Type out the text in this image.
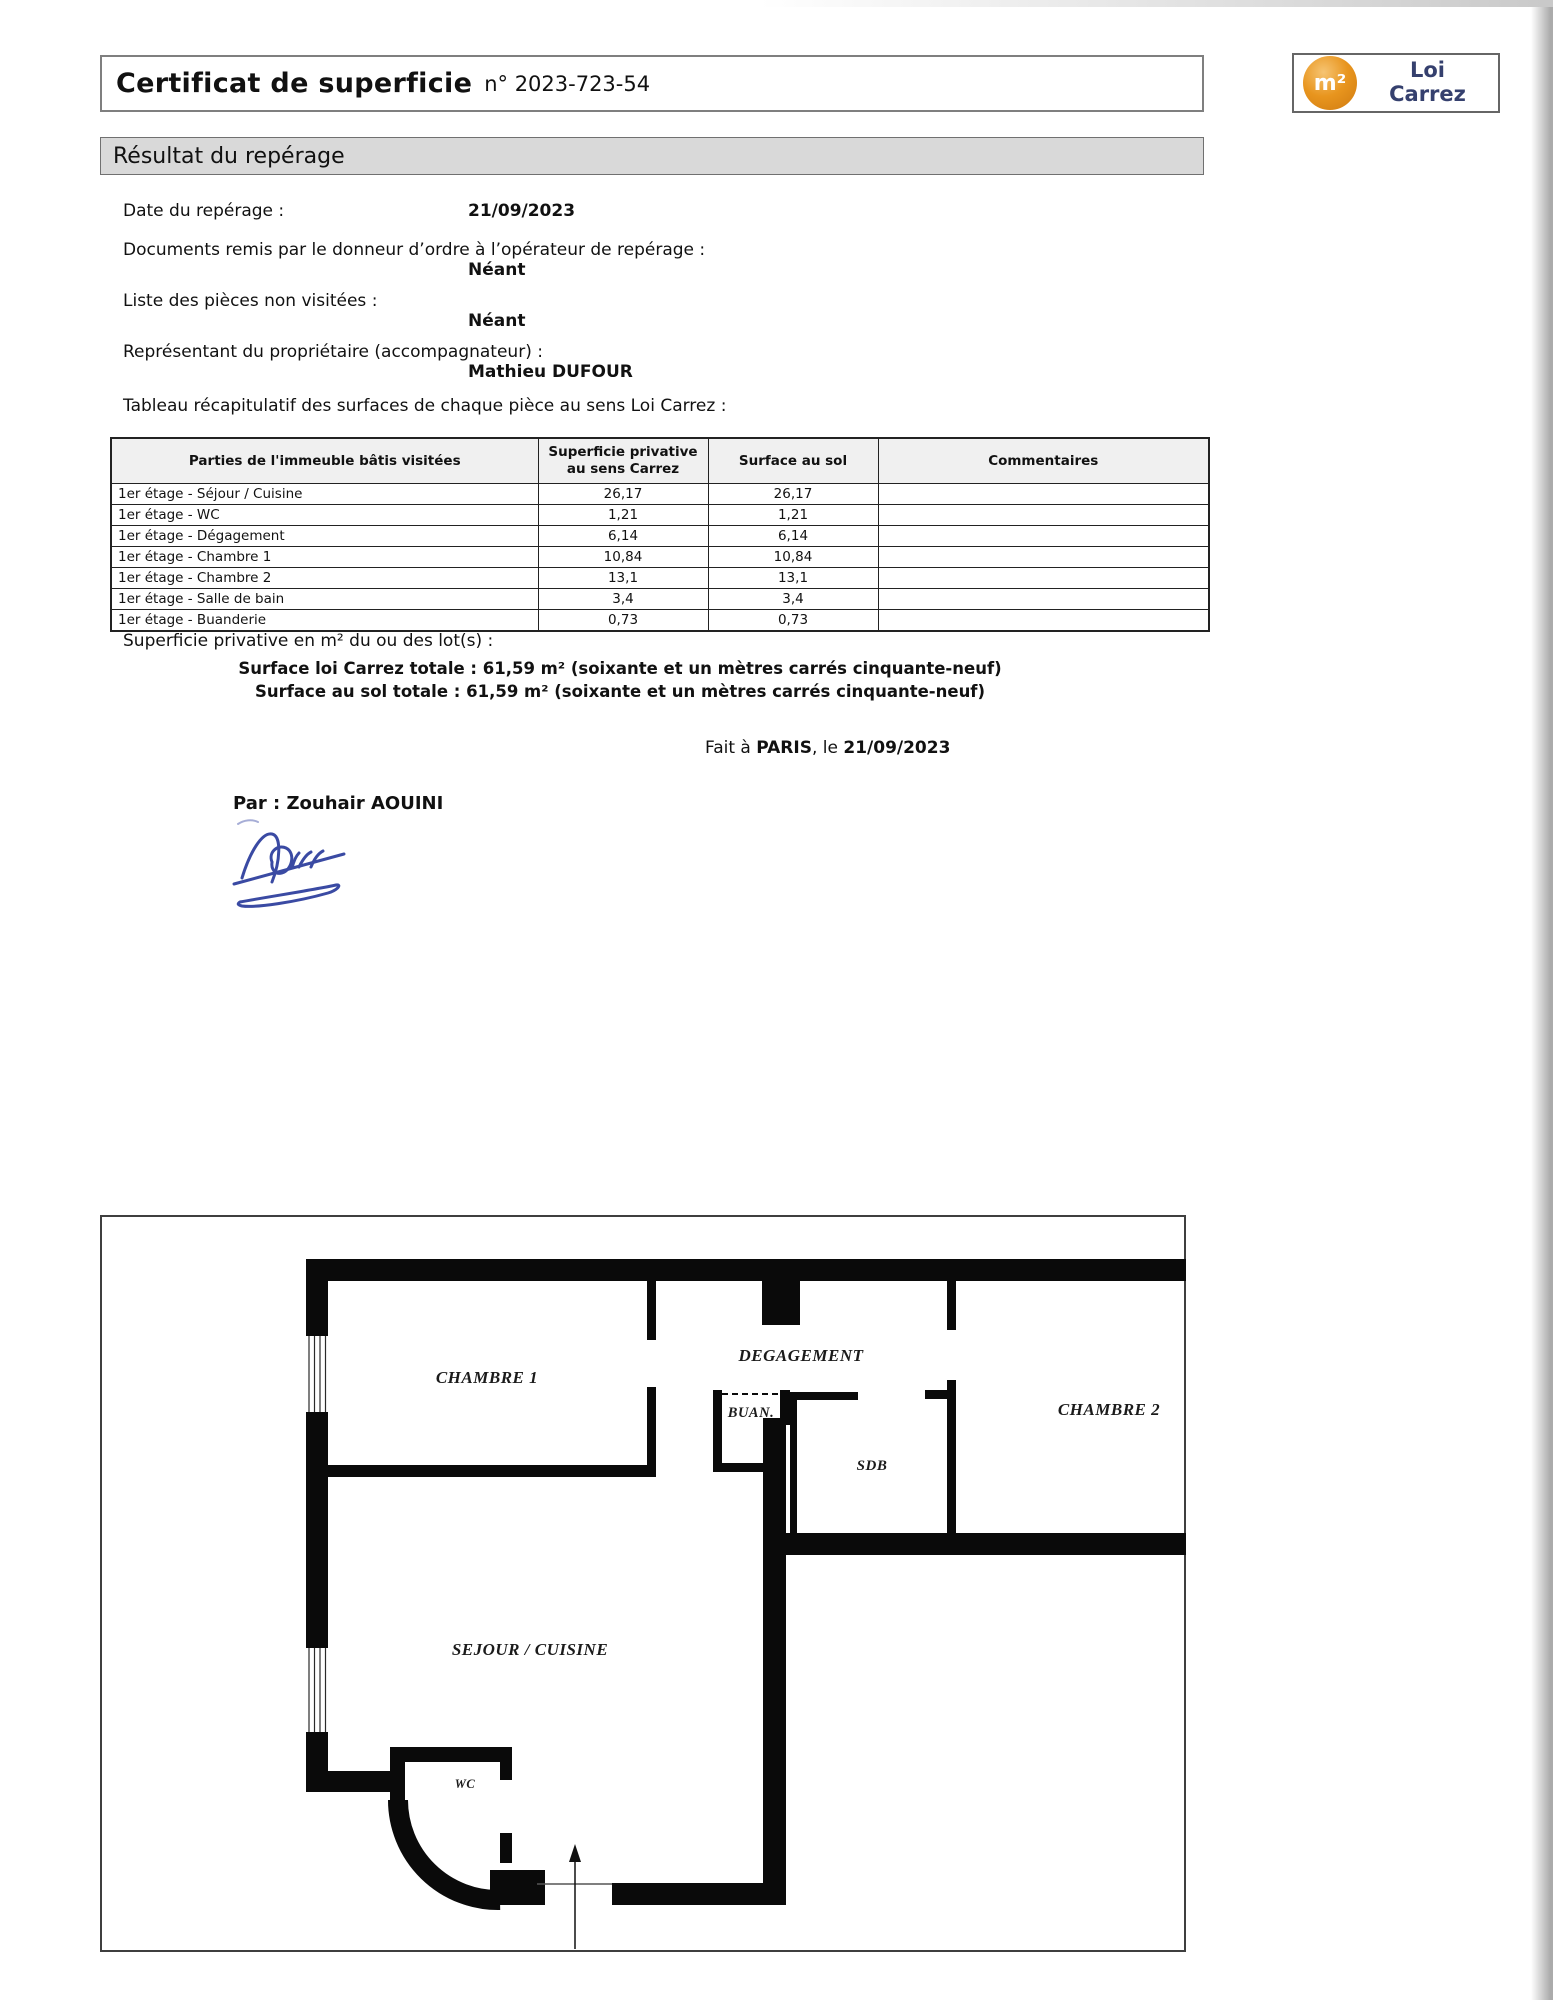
Certificat de superficie n° 2023-723-54	m²
Loi
Carrez
Résultat du repérage
Date du repérage :	21/09/2023
Documents remis par le donneur d’ordre à l’opérateur de repérage :
Néant
Liste des pièces non visitées :
Néant
Représentant du propriétaire (accompagnateur) :
Mathieu DUFOUR
Tableau récapitulatif des surfaces de chaque pièce au sens Loi Carrez :
Parties de l'immeuble bâtis visitées	Superficie privative au sens Carrez	Surface au sol	Commentaires
1er étage - Séjour / Cuisine	26,17	26,17	
1er étage - WC	1,21	1,21	
1er étage - Dégagement	6,14	6,14	
1er étage - Chambre 1	10,84	10,84	
1er étage - Chambre 2	13,1	13,1	
1er étage - Salle de bain	3,4	3,4	
1er étage - Buanderie	0,73	0,73	
Superficie privative en m² du ou des lot(s) :
Surface loi Carrez totale : 61,59 m² (soixante et un mètres carrés cinquante-neuf)
Surface au sol totale : 61,59 m² (soixante et un mètres carrés cinquante-neuf)
Fait à PARIS, le 21/09/2023
Par : Zouhair AOUINI
CHAMBRE 1
DEGAGEMENT
BUAN.
SDB
CHAMBRE 2
SEJOUR / CUISINE
WC
